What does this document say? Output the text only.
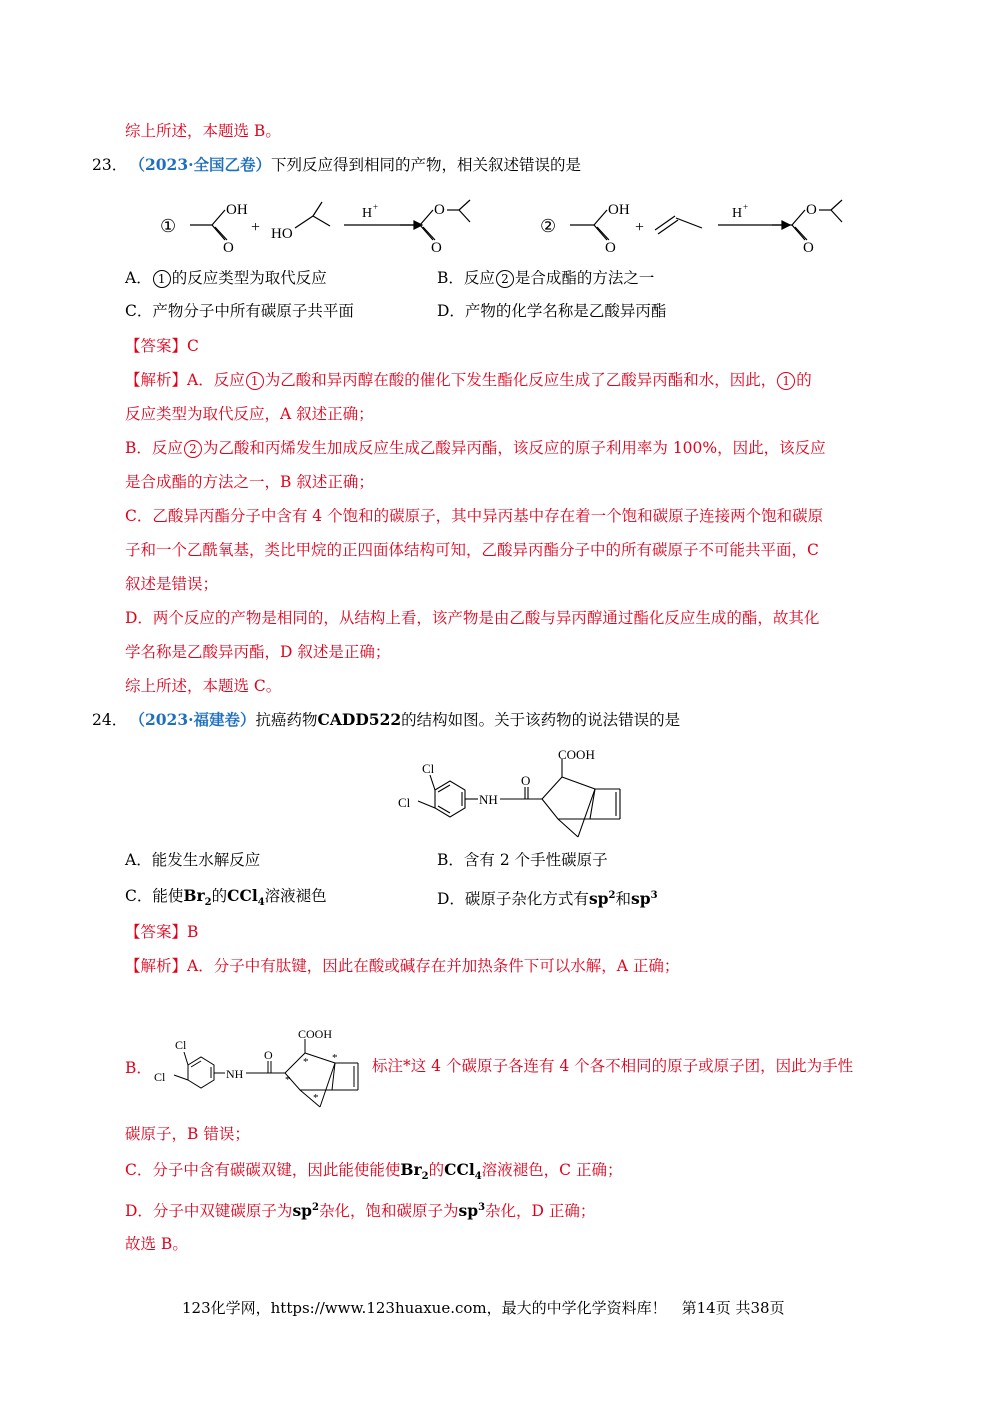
综上所述，本题选 B。
23． （2023·全国乙卷）下列反应得到相同的产物，相关叙述错误的是
①
OH
O
+ HO
H +	O
O
②
OH
O
+
H +	O
O
A． 1 的反应类型为取代反应	B．反应 2 是合成酯的方法之一
C．产物分子中所有碳原子共平面	D．产物的化学名称是乙酸异丙酯
【答案】C
【解析】A．反应 1 为乙酸和异丙醇在酸的催化下发生酯化反应生成了乙酸异丙酯和水，因此， 1 的
反应类型为取代反应，A 叙述正确；
B．反应 2 为乙酸和丙烯发生加成反应生成乙酸异丙酯，该反应的原子利用率为 100%，因此，该反应
是合成酯的方法之一，B 叙述正确；
C．乙酸异丙酯分子中含有 4 个饱和的碳原子，其中异丙基中存在着一个饱和碳原子连接两个饱和碳原
子和一个乙酰氧基，类比甲烷的正四面体结构可知，乙酸异丙酯分子中的所有碳原子不可能共平面，C
叙述是错误；
D．两个反应的产物是相同的，从结构上看，该产物是由乙酸与异丙醇通过酯化反应生成的酯，故其化
学名称是乙酸异丙酯，D 叙述是正确；
综上所述，本题选 C。
24． （2023·福建卷）抗癌药物CADD522的结构如图。关于该药物的说法错误的是
COOH
Cl
Cl	NH
O
A．能发生水解反应	B．含有 2 个手性碳原子
C．能使$Br_2$的CCl$_4$溶液褪色	D．碳原子杂化方式有$sp^2$和$sp^3$
【答案】B
【解析】A．分子中有肽键，因此在酸或碱存在并加热条件下可以水解，A 正确；
B．
COOH
Cl
Cl	NH
O	* *
*
*
标注*这 4 个碳原子各连有 4 个各不相同的原子或原子团，因此为手性
碳原子，B 错误；
C．分子中含有碳碳双键，因此能使能使$Br_2$的CCl$_4$溶液褪色，C 正确；
D．分子中双键碳原子为$sp^2$杂化，饱和碳原子为$sp^3$杂化，D 正确；
故选 B。
123化学网，https://www.123huaxue.com，最大的中学化学资料库！　第14页 共38页
